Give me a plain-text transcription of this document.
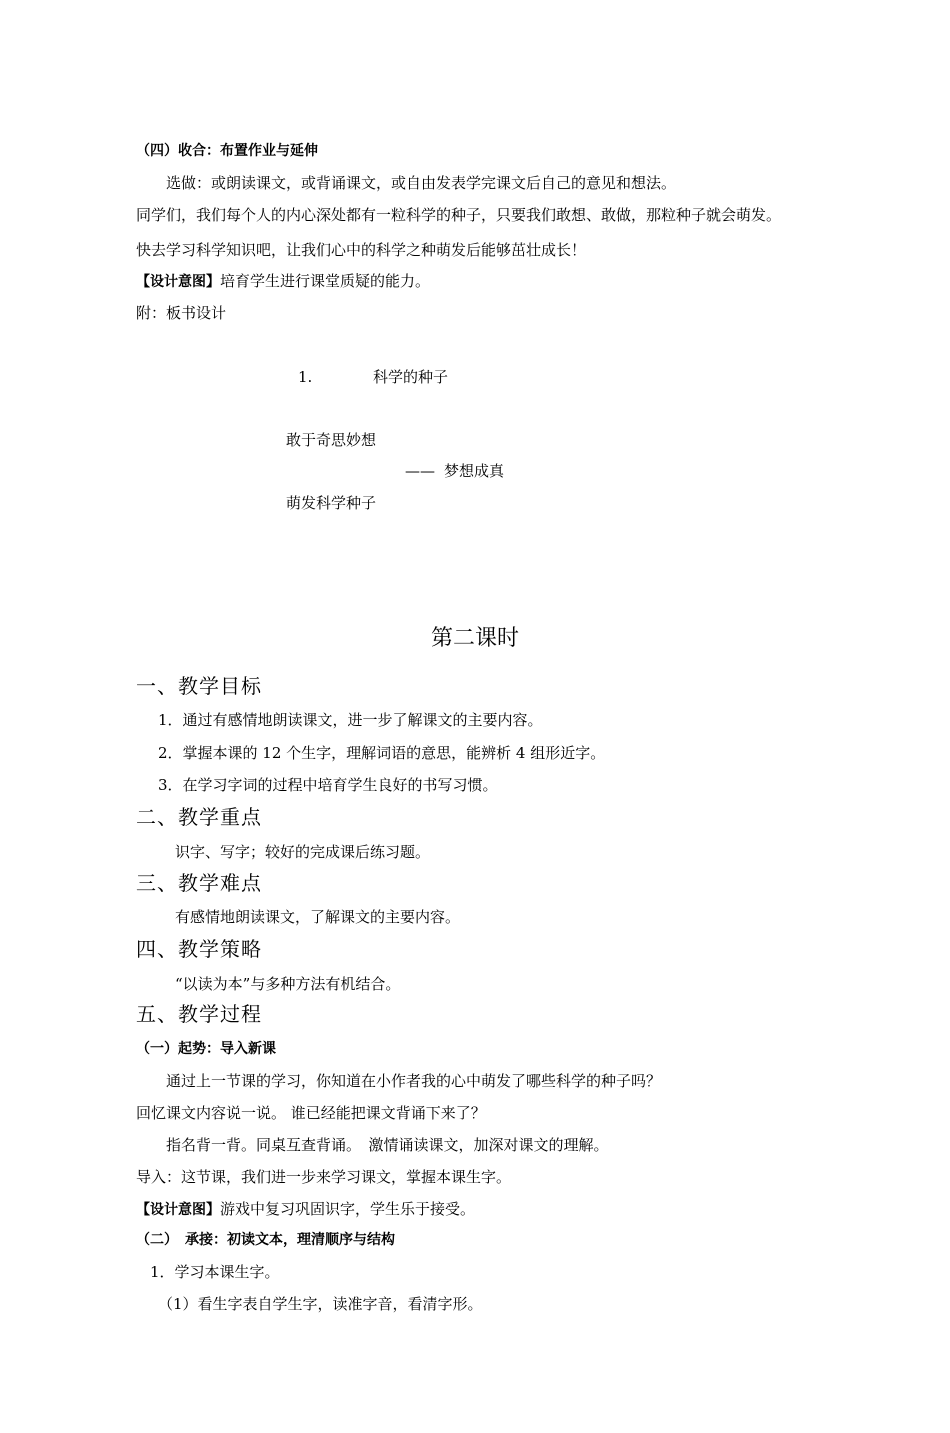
（四）收合：布置作业与延伸
选做：或朗读课文，或背诵课文，或自由发表学完课文后自己的意见和想法。
同学们，我们每个人的内心深处都有一粒科学的种子，只要我们敢想、敢做，那粒种子就会萌发。
快去学习科学知识吧，让我们心中的科学之种萌发后能够茁壮成长！
【设计意图】培育学生进行课堂质疑的能力。
附：板书设计
1.	科学的种子
敢于奇思妙想
—— 梦想成真
萌发科学种子
第二课时
一、教学目标
1．通过有感情地朗读课文，进一步了解课文的主要内容。
2．掌握本课的 12 个生字，理解词语的意思，能辨析 4 组形近字。
3．在学习字词的过程中培育学生良好的书写习惯。
二、教学重点
识字、写字；较好的完成课后练习题。
三、教学难点
有感情地朗读课文，了解课文的主要内容。
四、教学策略
“以读为本”与多种方法有机结合。
五、教学过程
（一）起势：导入新课
通过上一节课的学习，你知道在小作者我的心中萌发了哪些科学的种子吗？
回忆课文内容说一说。 谁已经能把课文背诵下来了？
指名背一背。同桌互查背诵。　激情诵读课文，加深对课文的理解。
导入：这节课，我们进一步来学习课文，掌握本课生字。
【设计意图】游戏中复习巩固识字，学生乐于接受。
（二）　承接：初读文本，理清顺序与结构
1．学习本课生字。
（1）看生字表自学生字，读准字音，看清字形。
